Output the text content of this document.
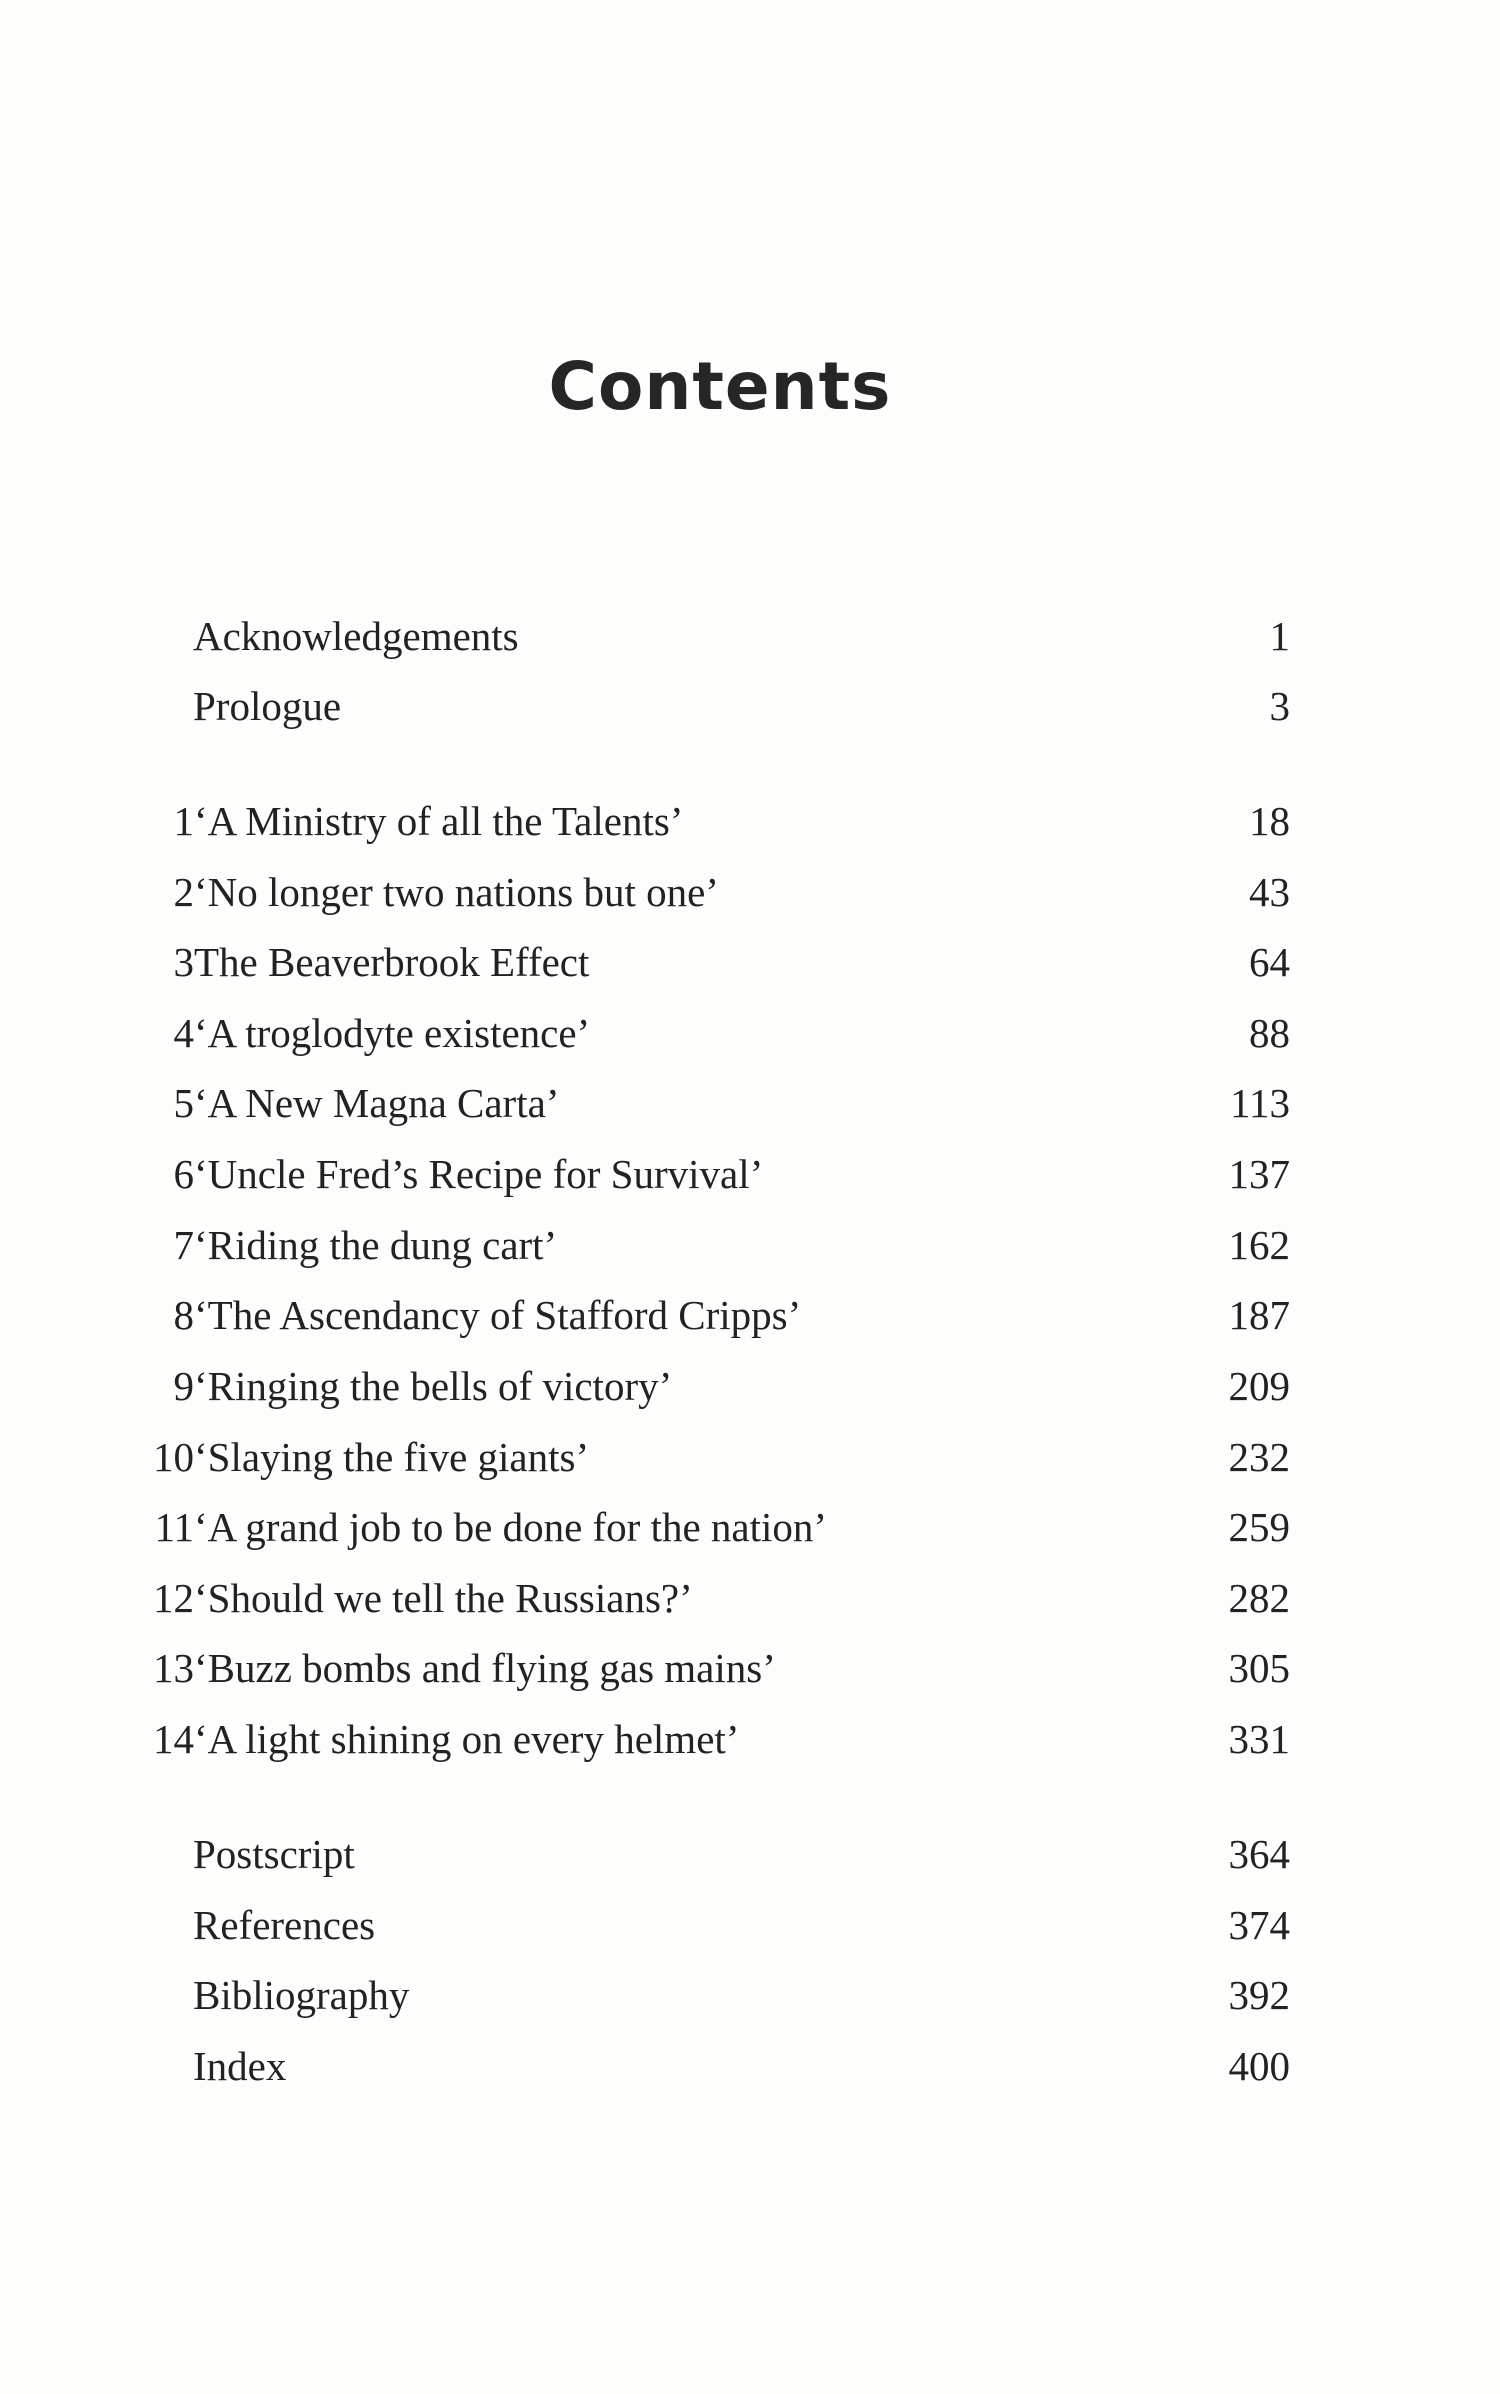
Contents
Acknowledgements	1
Prologue	3
1 ‘A Ministry of all the Talents’	18
2 ‘No longer two nations but one’	43
3 The Beaverbrook Effect	64
4 ‘A troglodyte existence’	88
5 ‘A New Magna Carta’	113
6 ‘Uncle Fred’s Recipe for Survival’	137
7 ‘Riding the dung cart’	162
8 ‘The Ascendancy of Stafford Cripps’	187
9 ‘Ringing the bells of victory’	209
10 ‘Slaying the five giants’	232
11 ‘A grand job to be done for the nation’	259
12 ‘Should we tell the Russians?’	282
13 ‘Buzz bombs and flying gas mains’	305
14 ‘A light shining on every helmet’	331
Postscript	364
References	374
Bibliography	392
Index	400
